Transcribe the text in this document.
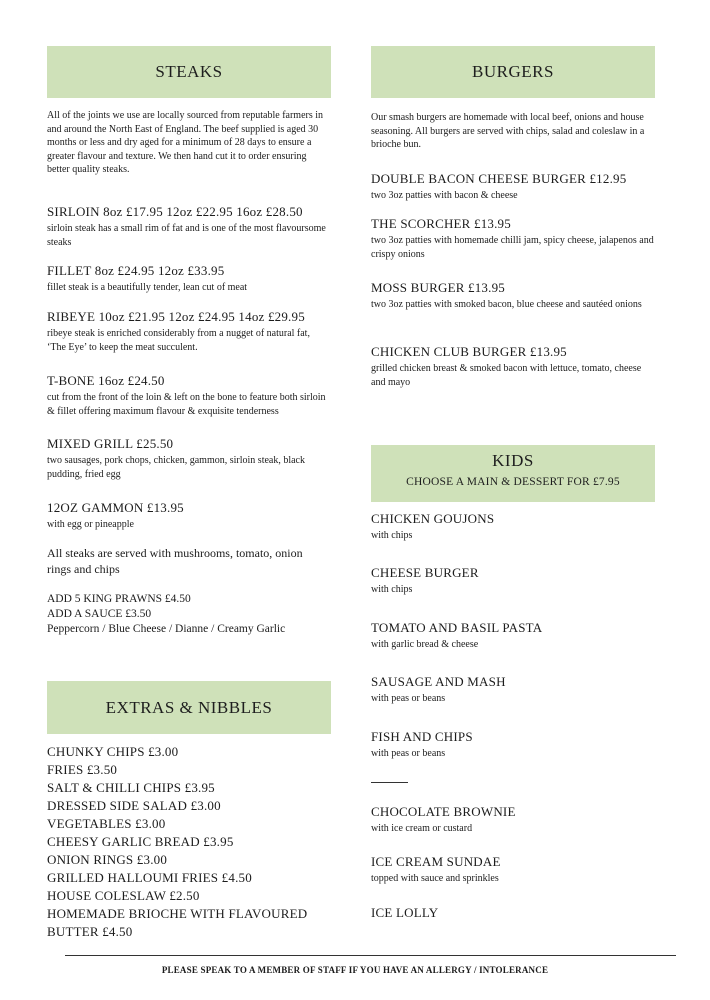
STEAKS
All of the joints we use are locally sourced from reputable farmers in and around the North East of England. The beef supplied is aged 30 months or less and dry aged for a minimum of 28 days to ensure a greater flavour and texture. We then hand cut it to order ensuring better quality steaks.
SIRLOIN 8oz £17.95 12oz £22.95 16oz £28.50
sirloin steak has a small rim of fat and is one of the most flavoursome steaks
FILLET 8oz £24.95 12oz £33.95
fillet steak is a beautifully tender, lean cut of meat
RIBEYE 10oz £21.95 12oz £24.95 14oz £29.95
ribeye steak is enriched considerably from a nugget of natural fat, ‘The Eye’ to keep the meat succulent.
T-BONE 16oz £24.50
cut from the front of the loin & left on the bone to feature both sirloin & fillet offering maximum flavour & exquisite tenderness
MIXED GRILL £25.50
two sausages, pork chops, chicken, gammon, sirloin steak, black pudding, fried egg
12OZ GAMMON £13.95
with egg or pineapple
All steaks are served with mushrooms, tomato, onion rings and chips
ADD 5 KING PRAWNS £4.50
ADD A SAUCE £3.50
Peppercorn / Blue Cheese / Dianne / Creamy Garlic
EXTRAS & NIBBLES
CHUNKY CHIPS £3.00
FRIES £3.50
SALT & CHILLI CHIPS £3.95
DRESSED SIDE SALAD £3.00
VEGETABLES £3.00
CHEESY GARLIC BREAD £3.95
ONION RINGS £3.00
GRILLED HALLOUMI FRIES £4.50
HOUSE COLESLAW £2.50
HOMEMADE BRIOCHE WITH FLAVOURED
BUTTER £4.50
BURGERS
Our smash burgers are homemade with local beef, onions and house seasoning. All burgers are served with chips, salad and coleslaw in a brioche bun.
DOUBLE BACON CHEESE BURGER £12.95
two 3oz patties with bacon & cheese
THE SCORCHER £13.95
two 3oz patties with homemade chilli jam, spicy cheese, jalapenos and crispy onions
MOSS BURGER £13.95
two 3oz patties with smoked bacon, blue cheese and sautéed onions
CHICKEN CLUB BURGER £13.95
grilled chicken breast & smoked bacon with lettuce, tomato, cheese and mayo
KIDS
CHOOSE A MAIN & DESSERT FOR £7.95
CHICKEN GOUJONS
with chips
CHEESE BURGER
with chips
TOMATO AND BASIL PASTA
with garlic bread & cheese
SAUSAGE AND MASH
with peas or beans
FISH AND CHIPS
with peas or beans
CHOCOLATE BROWNIE
with ice cream or custard
ICE CREAM SUNDAE
topped with sauce and sprinkles
ICE LOLLY
PLEASE SPEAK TO A MEMBER OF STAFF IF YOU HAVE AN ALLERGY / INTOLERANCE
